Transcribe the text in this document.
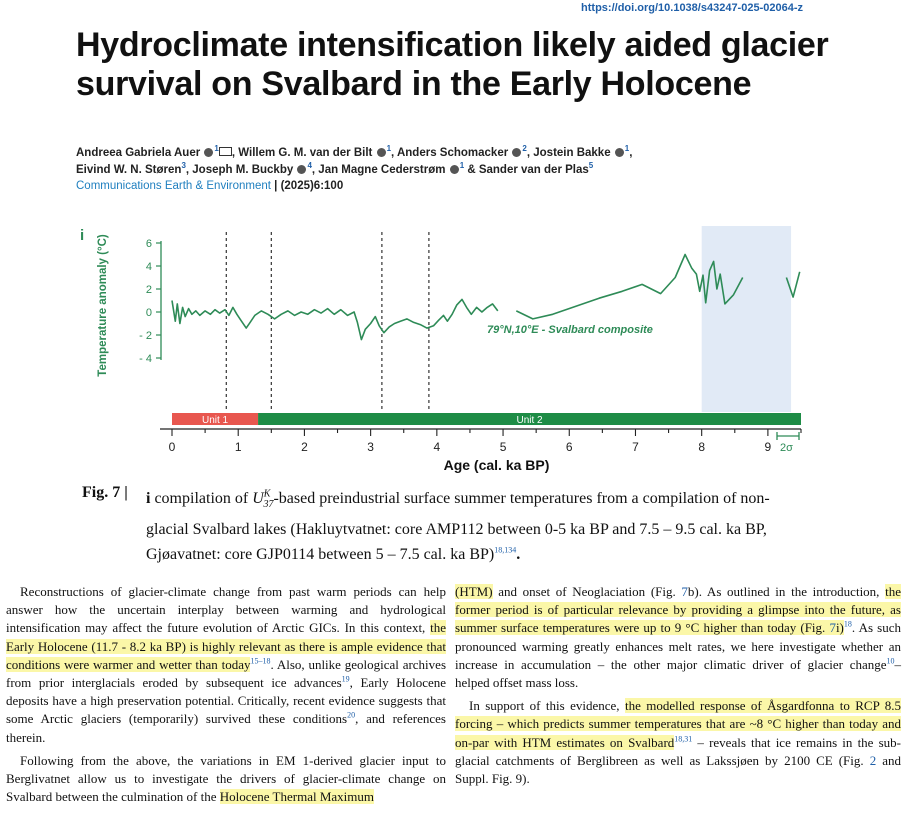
https://doi.org/10.1038/s43247-025-02064-z
Hydroclimate intensification likely aided glacier survival on Svalbard in the Early Holocene
Andreea Gabriela Auer $^1$ , Willem G. M. van der Bilt $^1$, Anders Schomacker $^2$, Jostein Bakke $^1$,
Eivind W. N. Støren$^3$, Joseph M. Buckby $^4$, Jan Magne Cederstrøm $^1$ & Sander van der Plas$^5$
Communications Earth & Environment | (2025)6:100
i
- 4
- 2
0
2
4
6
Temperature anomaly (°C)	79°N,10°E - Svalbard composite
Unit 1	Unit 2
0	1	2	3	4	5	6	7	8	9
Age (cal. ka BP)
2σ
Fig. 7 | i compilation of $U^K_{37}$-based preindustrial surface summer temperatures from a compilation of non-glacial Svalbard lakes (Hakluytvatnet: core AMP112 between 0-5 ka BP and 7.5 – 9.5 cal. ka BP, Gjøavatnet: core GJP0114 between 5 – 7.5 cal. ka BP)$^{18,134}$.

Reconstructions of glacier-climate change from past warm periods can help answer how the uncertain interplay between warming and hydrological intensification may affect the future evolution of Arctic GICs. In this context, the Early Holocene (11.7 - 8.2 ka BP) is highly relevant as there is ample evidence that conditions were warmer and wetter than today$^{15-18}$. Also, unlike geological archives from prior interglacials eroded by subsequent ice advances$^{19}$, Early Holocene deposits have a high preservation potential. Critically, recent evidence suggests that some Arctic glaciers (temporarily) survived these conditions$^{20}$, and references therein.

Following from the above, the variations in EM 1-derived glacier input to Berglivatnet allow us to investigate the drivers of glacier-climate change on Svalbard between the culmination of the Holocene Thermal Maximum

(HTM) and onset of Neoglaciation (Fig. 7b). As outlined in the introduction, the former period is of particular relevance by providing a glimpse into the future, as summer surface temperatures were up to 9 °C higher than today (Fig. 7i)$^{18}$. As such pronounced warming greatly enhances melt rates, we here investigate whether an increase in accumulation – the other major climatic driver of glacier change$^{10}$– helped offset mass loss.

In support of this evidence, the modelled response of Åsgardfonna to RCP 8.5 forcing – which predicts summer temperatures that are ~8 °C higher than today and on-par with HTM estimates on Svalbard$^{18,31}$ – reveals that ice remains in the sub-glacial catchments of Berglibreen as well as Lakssjøen by 2100 CE (Fig. 2 and Suppl. Fig. 9).
